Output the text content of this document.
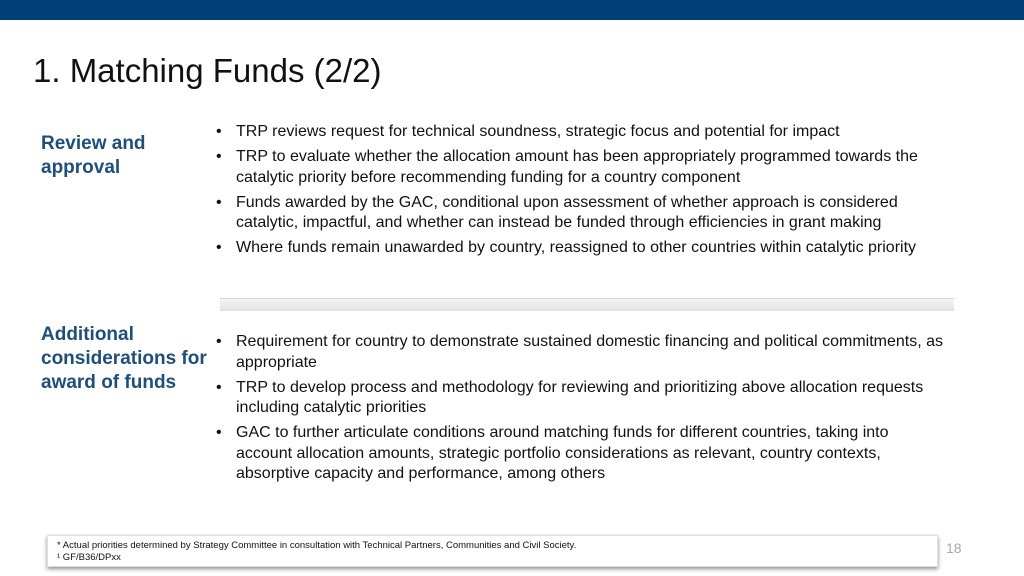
1. Matching Funds (2/2)
Review and approval
• TRP reviews request for technical soundness, strategic focus and potential for impact
• TRP to evaluate whether the allocation amount has been appropriately programmed towards the catalytic priority before recommending funding for a country component
• Funds awarded by the GAC, conditional upon assessment of whether approach is considered catalytic, impactful, and whether can instead be funded through efficiencies in grant making
• Where funds remain unawarded by country, reassigned to other countries within catalytic priority
Additional considerations for award of funds
• Requirement for country to demonstrate sustained domestic financing and political commitments, as appropriate
• TRP to develop process and methodology for reviewing and prioritizing above allocation requests including catalytic priorities
• GAC to further articulate conditions around matching funds for different countries, taking into account allocation amounts, strategic portfolio considerations as relevant, country contexts, absorptive capacity and performance, among others
* Actual priorities determined by Strategy Committee in consultation with Technical Partners, Communities and Civil Society.
¹ GF/B36/DPxx
18
